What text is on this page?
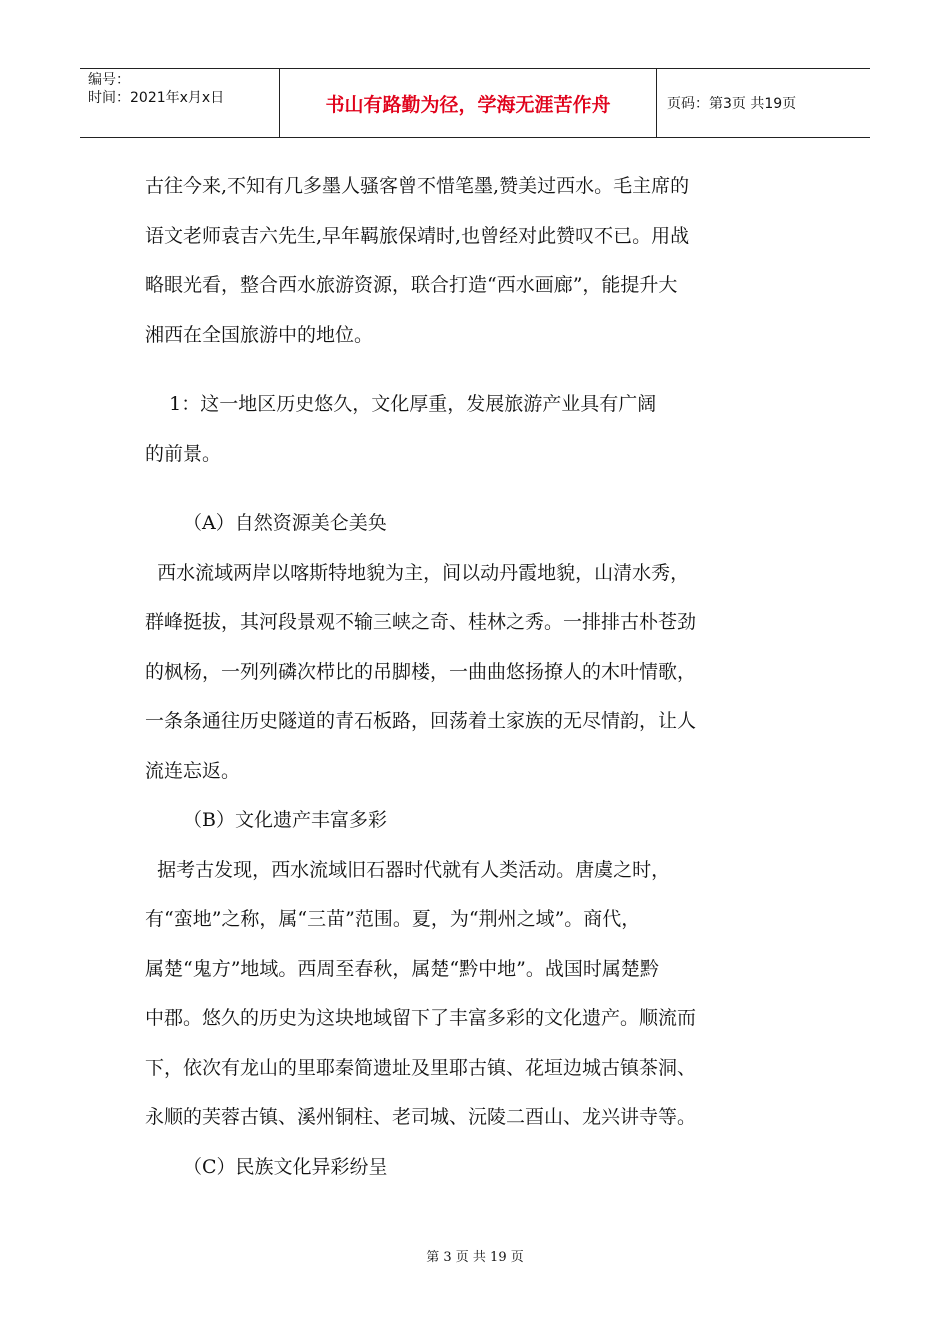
编号：
时间：2021年x月x日	书山有路勤为径，学海无涯苦作舟	页码：第3页 共19页

古往今来,不知有几多墨人骚客曾不惜笔墨,赞美过西水。毛主席的

语文老师袁吉六先生,早年羁旅保靖时,也曾经对此赞叹不已。用战

略眼光看，整合西水旅游资源，联合打造“西水画廊”，能提升大

湘西在全国旅游中的地位。

1：这一地区历史悠久，文化厚重，发展旅游产业具有广阔

的前景。

（A）自然资源美仑美奂

西水流域两岸以喀斯特地貌为主，间以动丹霞地貌，山清水秀，

群峰挺拔，其河段景观不输三峡之奇、桂林之秀。一排排古朴苍劲

的枫杨，一列列磷次栉比的吊脚楼，一曲曲悠扬撩人的木叶情歌，

一条条通往历史隧道的青石板路，回荡着土家族的无尽情韵，让人

流连忘返。

（B）文化遗产丰富多彩

据考古发现，西水流域旧石器时代就有人类活动。唐虞之时，

有“蛮地”之称，属“三苗”范围。夏，为“荆州之域”。商代，

属楚“鬼方”地域。西周至春秋，属楚“黔中地”。战国时属楚黔

中郡。悠久的历史为这块地域留下了丰富多彩的文化遗产。顺流而

下，依次有龙山的里耶秦简遗址及里耶古镇、花垣边城古镇茶洞、

永顺的芙蓉古镇、溪州铜柱、老司城、沅陵二酉山、龙兴讲寺等。

（C）民族文化异彩纷呈

第 3 页 共 19 页
